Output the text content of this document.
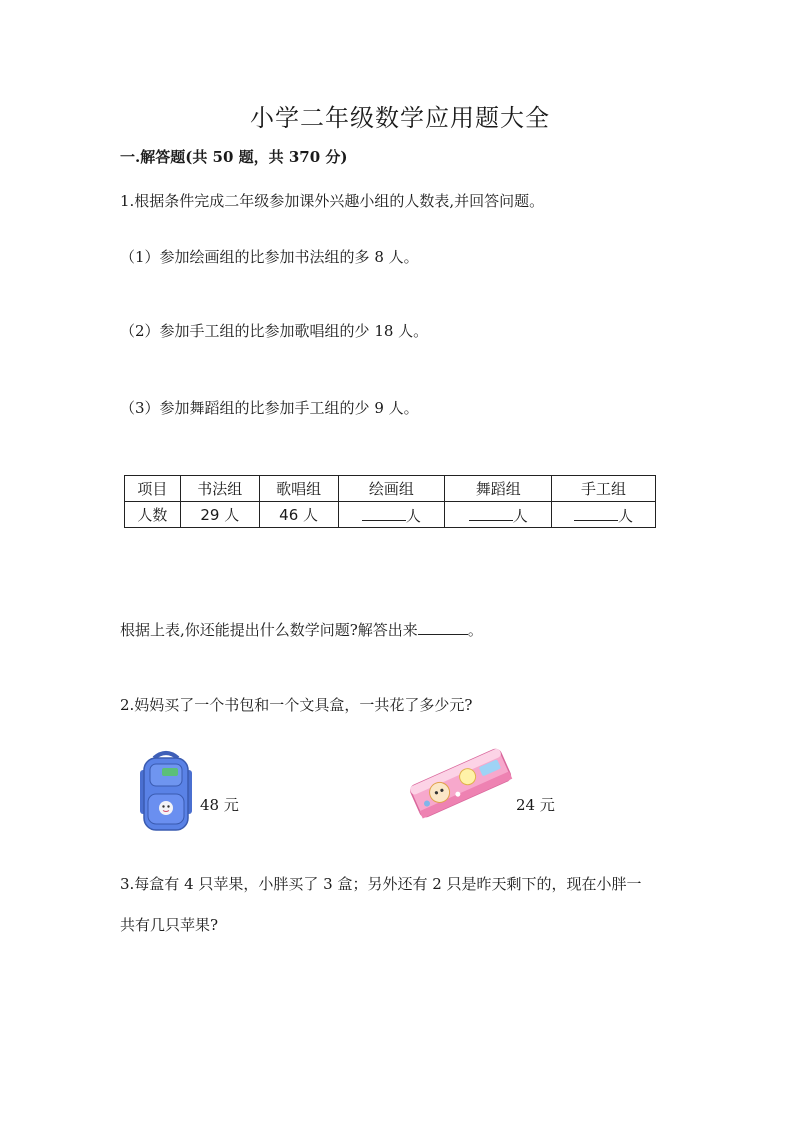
小学二年级数学应用题大全
一.解答题(共 50 题，共 370 分)
1.根据条件完成二年级参加课外兴趣小组的人数表,并回答问题。
（1）参加绘画组的比参加书法组的多 8 人。
（2）参加手工组的比参加歌唱组的少 18 人。
（3）参加舞蹈组的比参加手工组的少 9 人。
项目	书法组	歌唱组	绘画组	舞蹈组	手工组
人数	29 人	46 人	人	人	人
根据上表,你还能提出什么数学问题?解答出来	。
2.妈妈买了一个书包和一个文具盒，一共花了多少元?
48 元	24 元
3.每盒有 4 只苹果，小胖买了 3 盒；另外还有 2 只是昨天剩下的，现在小胖一
共有几只苹果?
